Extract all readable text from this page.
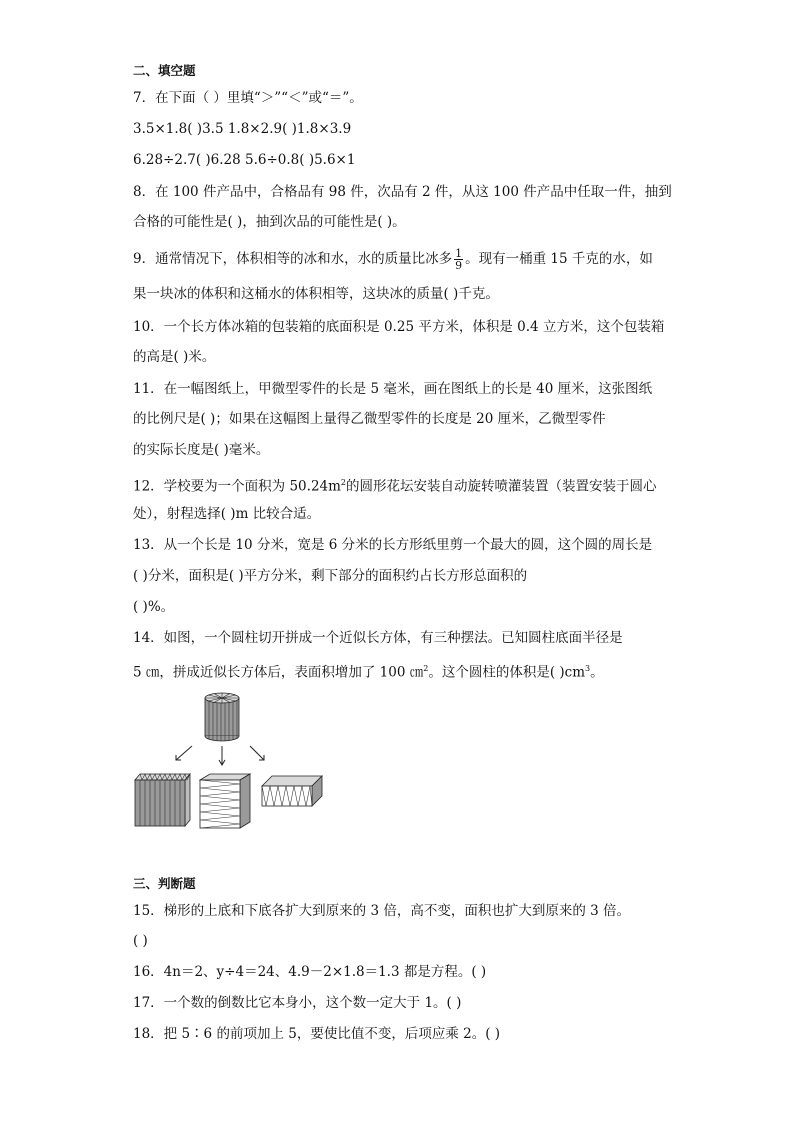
二、填空题
7．在下面（ ）里填“＞”“＜”或“＝”。
3.5×1.8( )3.5 1.8×2.9( )1.8×3.9
6.28÷2.7( )6.28 5.6÷0.8( )5.6×1
8．在 100 件产品中，合格品有 98 件，次品有 2 件，从这 100 件产品中任取一件，抽到
合格的可能性是( )，抽到次品的可能性是( )。
9．通常情况下，体积相等的冰和水，水的质量比冰多 $\frac{1}{9}$ 。现有一桶重 15 千克的水，如
果一块冰的体积和这桶水的体积相等，这块冰的质量( )千克。
10．一个长方体冰箱的包装箱的底面积是 0.25 平方米，体积是 0.4 立方米，这个包装箱
的高是( )米。
11．在一幅图纸上，甲微型零件的长是 5 毫米，画在图纸上的长是 40 厘米，这张图纸
的比例尺是( )；如果在这幅图上量得乙微型零件的长度是 20 厘米，乙微型零件
的实际长度是( )毫米。
12．学校要为一个面积为 $50.24m^2$的圆形花坛安装自动旋转喷灌装置（装置安装于圆心
处），射程选择( )m 比较合适。
13．从一个长是 10 分米，宽是 6 分米的长方形纸里剪一个最大的圆，这个圆的周长是
( )分米，面积是( )平方分米，剩下部分的面积约占长方形总面积的
( )%。
14．如图，一个圆柱切开拼成一个近似长方体，有三种摆法。已知圆柱底面半径是
5 ㎝，拼成近似长方体后，表面积增加了 100 ㎝$^2$。这个圆柱的体积是( )$cm^3$。
三、判断题
15．梯形的上底和下底各扩大到原来的 3 倍，高不变，面积也扩大到原来的 3 倍。
( )
16．4n＝2、y÷4＝24、4.9－2×1.8＝1.3 都是方程。( )
17．一个数的倒数比它本身小，这个数一定大于 1。( )
18．把 5∶6 的前项加上 5，要使比值不变，后项应乘 2。( )
